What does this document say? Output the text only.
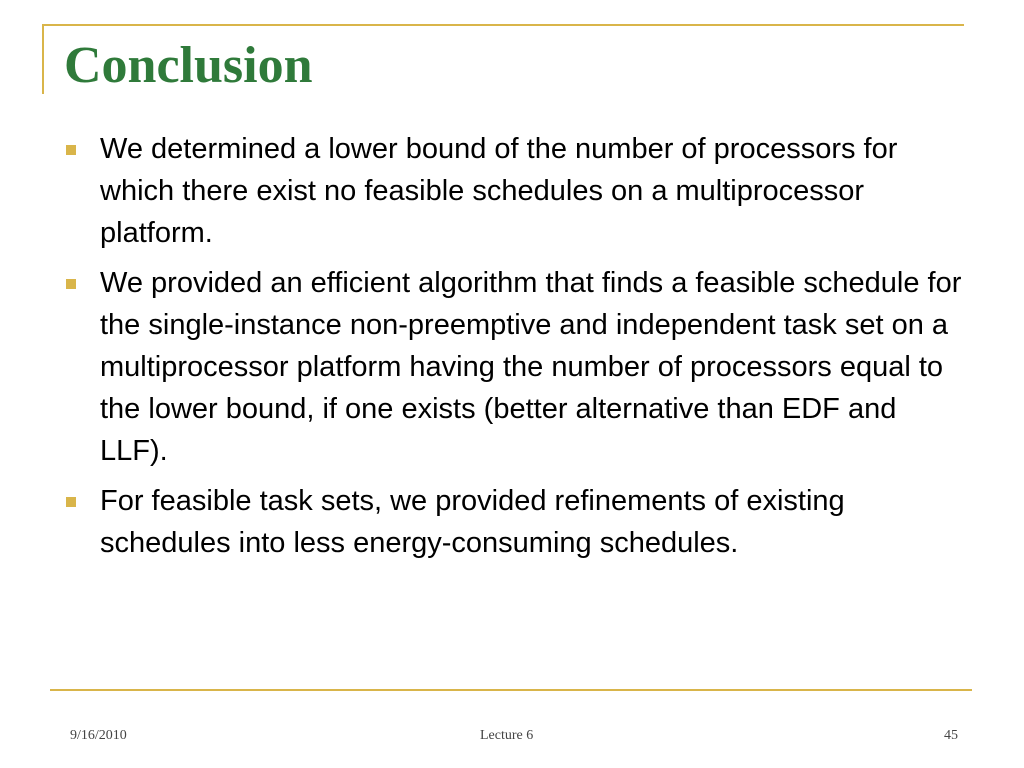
Conclusion
We determined a lower bound of the number of processors for which there exist no feasible schedules on a multiprocessor platform.
We provided an efficient algorithm that finds a feasible schedule for the single-instance non-preemptive and independent task set on a multiprocessor platform having the number of processors equal to the lower bound, if one exists (better alternative than EDF and LLF).
For feasible task sets, we provided refinements of existing schedules into less energy-consuming schedules.
9/16/2010	Lecture 6	45
